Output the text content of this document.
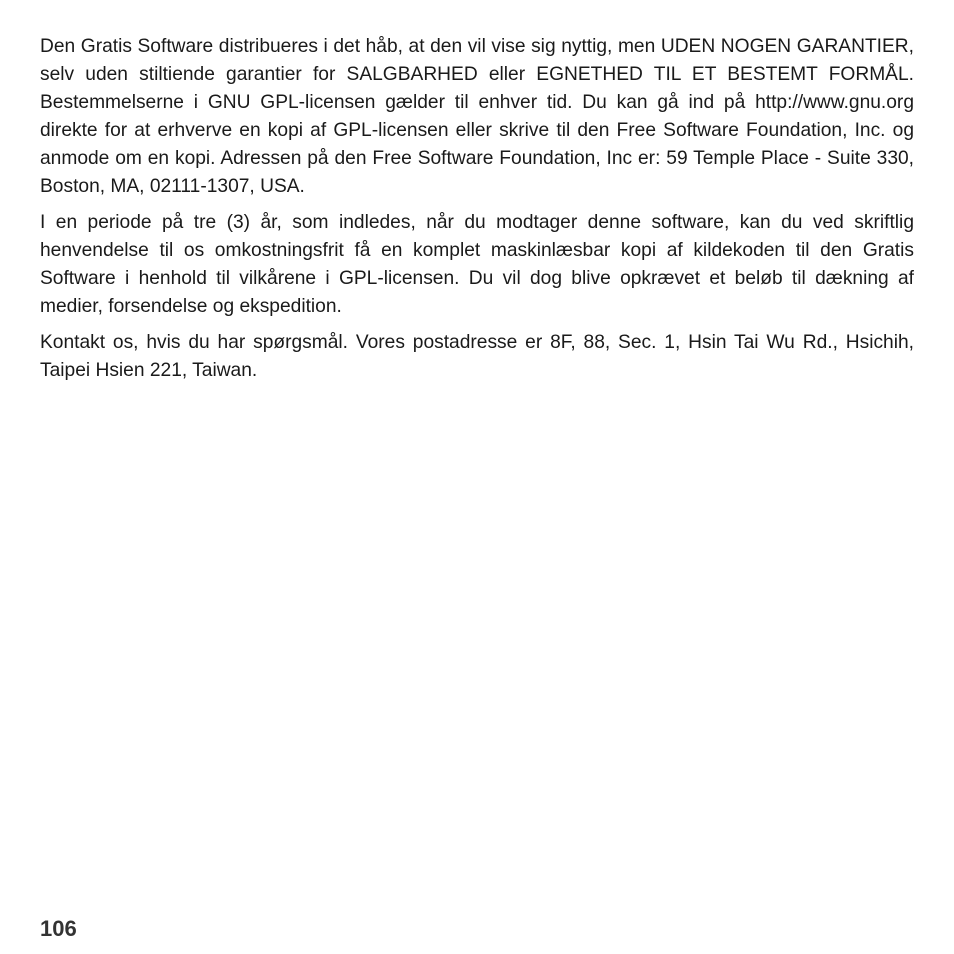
Den Gratis Software distribueres i det håb, at den vil vise sig nyttig, men UDEN NOGEN GARANTIER, selv uden stiltiende garantier for SALGBARHED eller EGNETHED TIL ET BESTEMT FORMÅL. Bestemmelserne i GNU GPL-licensen gælder til enhver tid. Du kan gå ind på http://www.gnu.org direkte for at erhverve en kopi af GPL-licensen eller skrive til den Free Software Foundation, Inc. og anmode om en kopi. Adressen på den Free Software Foundation, Inc er: 59 Temple Place - Suite 330, Boston, MA, 02111-1307, USA.

I en periode på tre (3) år, som indledes, når du modtager denne software, kan du ved skriftlig henvendelse til os omkostningsfrit få en komplet maskinlæsbar kopi af kildekoden til den Gratis Software i henhold til vilkårene i GPL-licensen. Du vil dog blive opkrævet et beløb til dækning af medier, forsendelse og ekspedition.

Kontakt os, hvis du har spørgsmål. Vores postadresse er 8F, 88, Sec. 1, Hsin Tai Wu Rd., Hsichih, Taipei Hsien 221, Taiwan.

106
